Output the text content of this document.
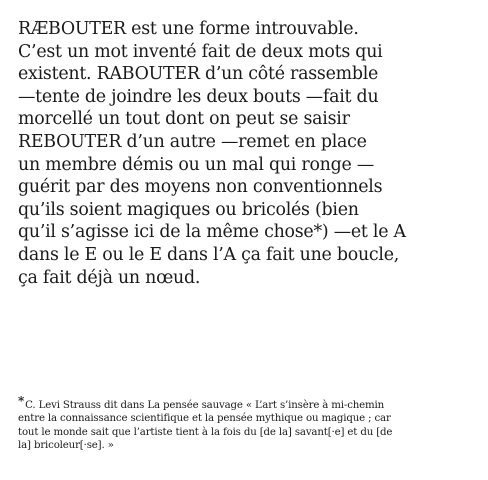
RÆBOUTER est une forme introuvable.
C’est un mot inventé fait de deux mots qui
existent. RABOUTER d’un côté rassemble
—tente de joindre les deux bouts —fait du
morcellé un tout dont on peut se saisir
REBOUTER d’un autre —remet en place
un membre démis ou un mal qui ronge —
guérit par des moyens non conventionnels
qu’ils soient magiques ou bricolés (bien
qu’il s’agisse ici de la même chose*) —et le A
dans le E ou le E dans l’A ça fait une boucle,
ça fait déjà un nœud.
*C. Levi Strauss dit dans La pensée sauvage « L’art s’insère à mi-chemin
entre la connaissance scientifique et la pensée mythique ou magique ; car
tout le monde sait que l’artiste tient à la fois du [de la] savant[·e] et du [de
la] bricoleur[·se]. »
